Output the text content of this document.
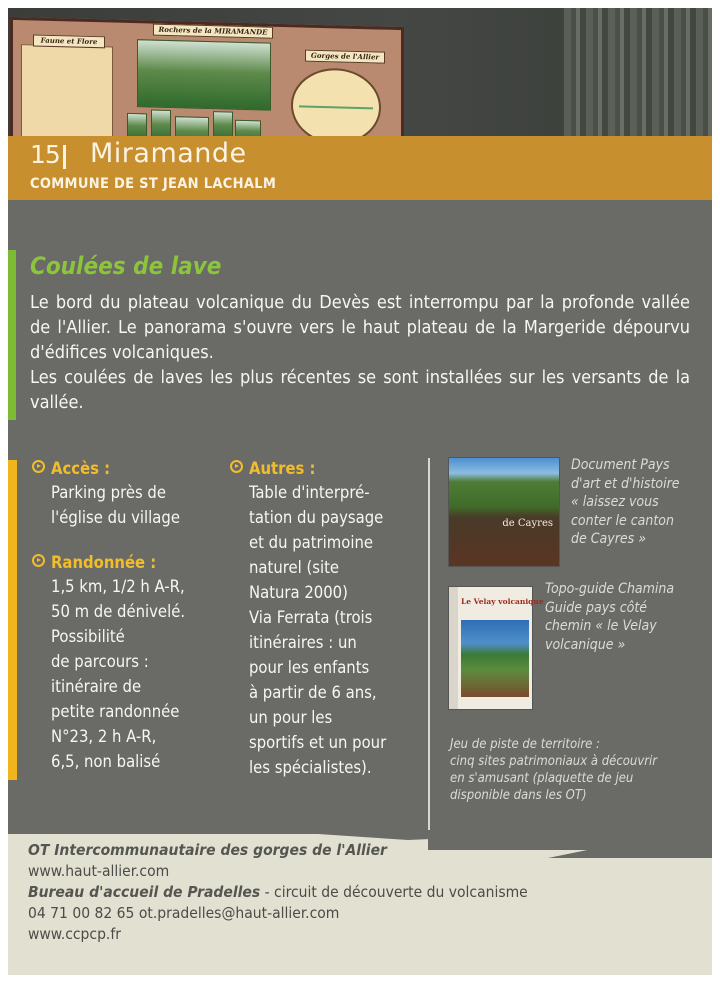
Faune et Flore
Rochers de la MIRAMANDE
Gorges de l'Allier
15 Miramande
COMMUNE DE ST JEAN LACHALM
Coulées de lave

Le bord du plateau volcanique du Devès est interrompu par la profonde vallée de l'Allier. Le panorama s'ouvre vers le haut plateau de la Margeride dépourvu d'édifices volcaniques.

Les coulées de laves les plus récentes se sont installées sur les versants de la vallée.

Accès :
Parking près de
l'église du village
Randonnée :
1,5 km, 1/2 h A-R,
50 m de dénivelé.
Possibilité
de parcours :
itinéraire de
petite randonnée
N°23, 2 h A-R,
6,5, non balisé
Autres :
Table d'interpré-
tation du paysage
et du patrimoine
naturel (site
Natura 2000)
Via Ferrata (trois
itinéraires : un
pour les enfants
à partir de 6 ans,
un pour les
sportifs et un pour
les spécialistes).
de Cayres
Document Pays
d'art et d'histoire
« laissez vous
conter le canton
de Cayres »
Le Velay volcanique
Topo-guide Chamina
Guide pays côté
chemin « le Velay
volcanique »
Jeu de piste de territoire :
cinq sites patrimoniaux à découvrir
en s'amusant (plaquette de jeu
disponible dans les OT)
OT Intercommunautaire des gorges de l'Allier
www.haut-allier.com
Bureau d'accueil de Pradelles - circuit de découverte du volcanisme
04 71 00 82 65 ot.pradelles@haut-allier.com
www.ccpcp.fr
